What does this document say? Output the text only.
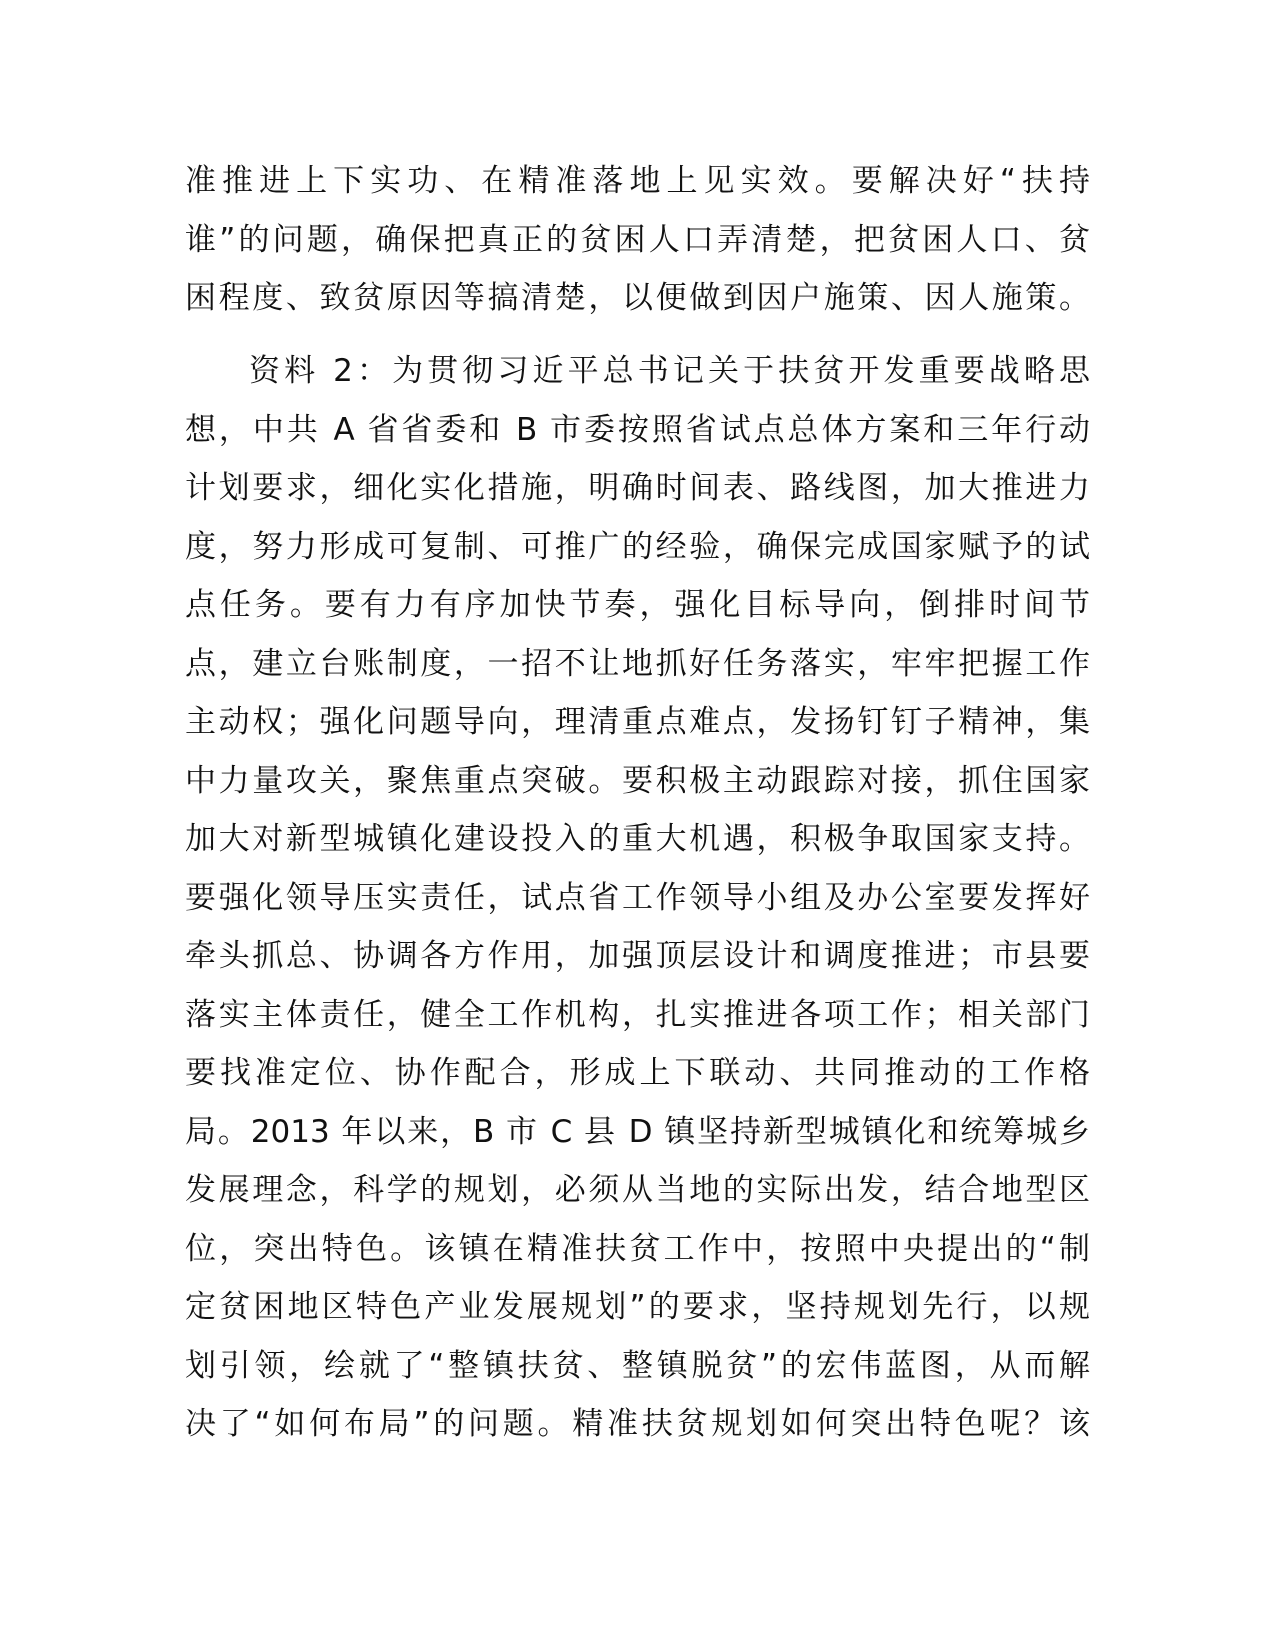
准推进上下实功、在精准落地上见实效。要解决好“扶持
谁”的问题，确保把真正的贫困人口弄清楚，把贫困人口、贫
困程度、致贫原因等搞清楚，以便做到因户施策、因人施策。
资料 2：为贯彻习近平总书记关于扶贫开发重要战略思
想，中共 A 省省委和 B 市委按照省试点总体方案和三年行动
计划要求，细化实化措施，明确时间表、路线图，加大推进力
度，努力形成可复制、可推广的经验，确保完成国家赋予的试
点任务。要有力有序加快节奏，强化目标导向，倒排时间节
点，建立台账制度，一招不让地抓好任务落实，牢牢把握工作
主动权；强化问题导向，理清重点难点，发扬钉钉子精神，集
中力量攻关，聚焦重点突破。要积极主动跟踪对接，抓住国家
加大对新型城镇化建设投入的重大机遇，积极争取国家支持。
要强化领导压实责任，试点省工作领导小组及办公室要发挥好
牵头抓总、协调各方作用，加强顶层设计和调度推进；市县要
落实主体责任，健全工作机构，扎实推进各项工作；相关部门
要找准定位、协作配合，形成上下联动、共同推动的工作格
局。2013 年以来，B 市 C 县 D 镇坚持新型城镇化和统筹城乡
发展理念，科学的规划，必须从当地的实际出发，结合地型区
位，突出特色。该镇在精准扶贫工作中，按照中央提出的“制
定贫困地区特色产业发展规划”的要求，坚持规划先行，以规
划引领，绘就了“整镇扶贫、整镇脱贫”的宏伟蓝图，从而解
决了“如何布局”的问题。精准扶贫规划如何突出特色呢？该
